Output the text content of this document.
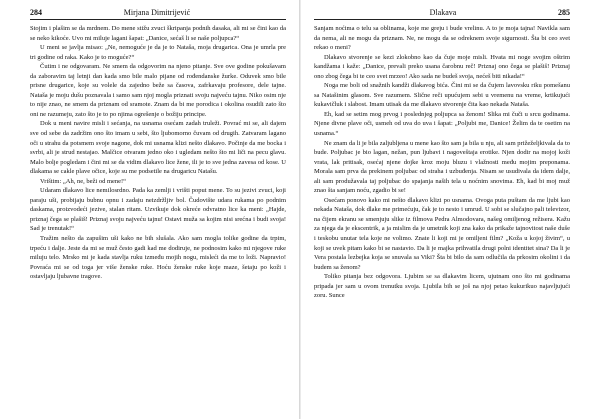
284	Mirjana Dimitrijević

Stojim i plašim se da mrdnem. Do mene stižu zvuci škripanja podnih dasaka, ali mi se čini kao da se neko kikoće. Uvo mi miluje lagani šapat: „Danice, sećaš li se naše poljupca?“

U meni se javlja misao: „Ne, nemoguće je da je to Nataša, moja drugarica. Ona je umrla pre tri godine od raka. Kako je to moguće?“

Čutim i ne odgovaram. Ne smem da odgovorim na njeno pitanje. Sve ove godine pokušavam da zaboravim taj letnji dan kada smo bile malo pijane od rođendanske žurke. Oduvek smo bile prisne drugarice, koje su volele da zajedno beže sa časova, zafrkavaju profesore, dele tajne. Nataša je moju dušu poznavala i samo sam njoj mogla priznati svoju najveću tajnu. Niko osim nje to nije znao, ne smem da priznam od sramote. Znam da bi me porodica i okolina osudili zato što oni ne razumeju, zato što je to po njima ogrešenje o božiju principe.

Dok u meni navire misli i sećanja, na usnama osećam zadah truleži. Povrać mi se, ali dajem sve od sebe da zadržim ono što imam u sebi, što ljubomorno čuvam od drugih. Zatvaram lagano oči u strahu da potsmem svoje nagone, dok mi usnama klizi nešto dlakavo. Počinje da me bocka i svrbi, ali je strud nestajao. Malčice otvaram jedno oko i ugledam nešto što mi liči na pecu glavu. Malo bolje pogledam i čini mi se da vidim dlakavo lice žene, ili je to sve jedna zavesa od kose. U dlakama se cakle plave očice, koje su me podsetile na drugaricu Natašu.

Vrištim: „Ah, ne, beži od mene!“

Udaram dlakavo lice nemilosrdno. Pada ka zemlji i vrišti poput mene. To su jezivi zvuci, koji paraju uši, probijaju bubnu opnu i zadaju neizdržljiv bol. Čudovište udara rukama po podnim daskama, proizvodeći jezive, stalan ritam. Uzvikuje dok okreće odvratno lice ka meni: „Hajde, priznaj čega se plašiš! Priznaj svoju najveću tajnu! Ostavi muža sa kojim nisi srećna i budi svoja! Sad je trenutak!“

Tražim nešto da zapušim uši kako ne bih slušala. Ako sam mogla tolike godine da trpim, trpeću i dalje. Jeste da mi se muž često gadi kad me dodiruje, ne podnosim kako mi njegove ruke miluju telo. Mrsko mi je kada stavlja ruku između mojih nogu, misleći da me to loži. Napravio! Povraća mi se od toga jer više ženske ruke. Hoću ženske ruke koje maze, šetaju po koži i ostavljaju ljubavne tragove.

Dlakava	285

Sanjam noćima o telu sa oblinama, koje me greju i bude vrelinu. A to je moja tajna! Navikla sam da nema, ali ne mogu da priznam. Ne, ne mogu da se odreknem svoje sigurnosti. Šta bi ceo svet rekao o meni?

Dlakavo stvorenje se kezi zlokobno kao da čuje moje misli. Hvata mi noge svojim oštrim kandžama i kaže: „Danice, prevali preko usana čarobnu reč! Priznaj ono čega se plašiš! Priznaj ono zbog čega bi te ceo svet mrzeo! Ako sada ne budeš svoja, nećeš biti nikada!“

Noga me boli od snažnih kandži dlakavog bića. Čini mi se da čujem lavovsku riku pomešanu sa Natašinim glasom. Sve razumem. Slične reči upućujem sebi u vremenu na vreme, krtikujući kukavičluk i slabost. Imam utisak da me dlakavo stvorenje čita kao nekada Nataša.

Eh, kad se setim mog prvog i poslednjeg poljupca sa ženom! Slika mi čuči u srcu godinama. Njene divne plave oči, usmeh od uva do uva i šapat: „Poljubi me, Danice! Želim da te osetim na usnama.“

Ne znam da li je bila zaljubljena u mene kao što sam ja bila u nju, ali sam prižeželjkivala da to bude. Poljubac je bio lagan, nežan, pun ljubavi i nagoveštaja erotike. Njen dodir na mojoj koži vrata, lak pritisak, osećaj njene dojke kroz moju bluzu i vlažnosti među mojim preponama. Morala sam prva da prekinem poljubac od straha i uzbuđenja. Nisam se usudivala da idem dalje, ali sam produžavala taj poljubac do spajanja naših tela u noćnim snovima. Eh, kad bi moj muž znao šta sanjam noću, zgadio bi se!

Osećam ponovo kako mi nešto dlakavo klizi po usnama. Ovoga puta puštam da me ljubi kao nekada Nataša, dok dlake me primećuju, čak je to nesto i umrud. U sobi se slučajno pali televizor, na čijem ekranu se smenjuju slike iz filmova Pedra Almodovara, našeg omiljenog režisera. Kažu za njega da je ekscentrik, a ja mislim da je umetnik koji zna kako da prikaže tajnovitost naše duše i teskobu unutar tela koje ne volimo. Znate li koji mi je omiljeni film? „Koža u kojoj živim“, u koji se uvek pitam kako bi se nastavio. Da li je majka prihvatila drugi polni identitet sina? Da li je Vera postala lezbejka koja se snuvala sa Viki? Šta bi bilo da sam odlučila da prkosim okolini i da budem sa ženom?

Toliko pitanja bez odgovora. Ljubim se sa dlakavim licem, ujutnam ono što mi godinama pripada jer sam u ovom trenutku svoja. Ljubila bih se još na njoj petao kukurikuo najavljujući zoru. Sunce
